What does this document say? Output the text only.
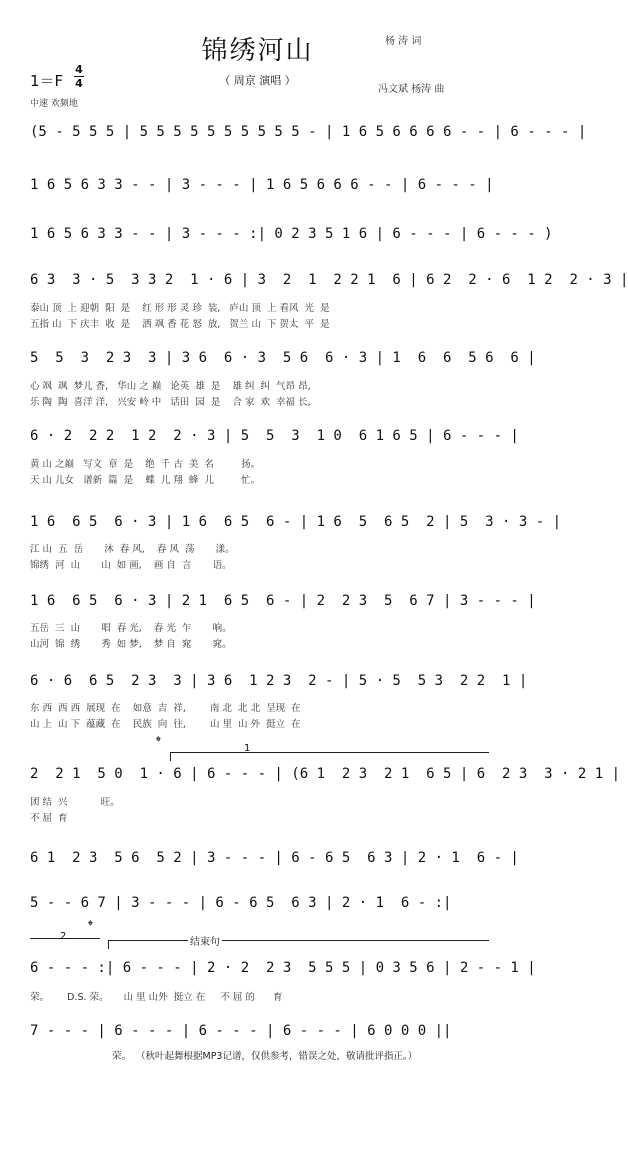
锦绣河山
（ 周京 演唱 ）
杨 涛 词
冯文斌 杨涛 曲
1＝F
4
4
中速 欢频地
(5 - 5 5 5 | 5 5 5 5 5 5 5 5 5 5 - | 1 6 5 6 6 6 6 - - | 6 - - - |
1 6 5 6 3 3 - - | 3 - - - | 1 6 5 6 6 6 - - | 6 - - - |
1 6 5 6 3 3 - - | 3 - - - :| 0 2 3 5 1 6 | 6 - - - | 6 - - - )
6 3  3 · 5  3 3 2  1 · 6 | 3  2  1  2 2 1  6 | 6 2  2 · 6  1 2  2 · 3 |
泰山 顶  上 迎朝  阳  是    红 形 形 灵 珍  装,   庐山 顶  上 看风  光  是
五指 山  下 庆丰  收  是    洒 飒 香 花 怒  放,   贺兰 山  下 贺太  平  是
5  5  3  2 3  3 | 3 6  6 · 3  5 6  6 · 3 | 1  6  6  5 6  6 |
心 飒  飒  梦儿 香,   华山 之 巅   论英  雄  是    雄 纠  纠  气昂 昂,
乐 陶  陶  喜洋 洋,   兴安 岭 中   话田  园  是    合 家  欢  幸福 长,
6 · 2  2 2  1 2  2 · 3 | 5  5  3  1 0  6 1 6 5 | 6 - - - |
黄 山 之巅   写文  章  是    绝  千 古  美  名         扬。
天 山 儿女   谱新  篇  是    蝶  儿 翔  蜂  儿         忙。
1 6  6 5  6 · 3 | 1 6  6 5  6 - | 1 6  5  6 5  2 | 5  3 · 3 - |
江 山  五  岳       沐  春 风,    春 风  荡       漾。
锦绣  河  山       山  如 画,    画 自  言       语。
1 6  6 5  6 · 3 | 2 1  6 5  6 - | 2  2 3  5  6 7 | 3 - - - |
五岳  三  山       唱  春 光,    春 光  乍       响。
山河  锦  绣       秀  如 梦,    梦 自  窕       窕。
6 · 6  6 5  2 3  3 | 3 6  1 2 3  2 - | 5 · 5  5 3  2 2  1 |
东 西  西 西  展现  在    如意  吉  祥,        南 北  北 北  呈现  在
山 上  山 下  蕴藏  在    民族  向  往,        山 里  山 外  挺立  在
𝄌	1
2  2 1  5 0  1 · 6 | 6 - - - | (6 1  2 3  2 1  6 5 | 6  2 3  3 · 2 1 |
团 结  兴           旺。
不 屈  育
6 1  2 3  5 6  5 2 | 3 - - - | 6 - 6 5  6 3 | 2 · 1  6 - |
5 - - 6 7 | 3 - - - | 6 - 6 5  6 3 | 2 · 1  6 - :|
2
𝄌
结束句
6 - - - :| 6 - - - | 2 · 2  2 3  5 5 5 | 0 3 5 6 | 2 - - 1 |
荣。      D.S. 荣。     山 里 山外  挺立 在     不 屈 的      育
7 - - - | 6 - - - | 6 - - - | 6 - - - | 6 0 0 0 ||
荣。 （秋叶起舞根据MP3记谱，仅供参考，错误之处，敬请批评指正。）
